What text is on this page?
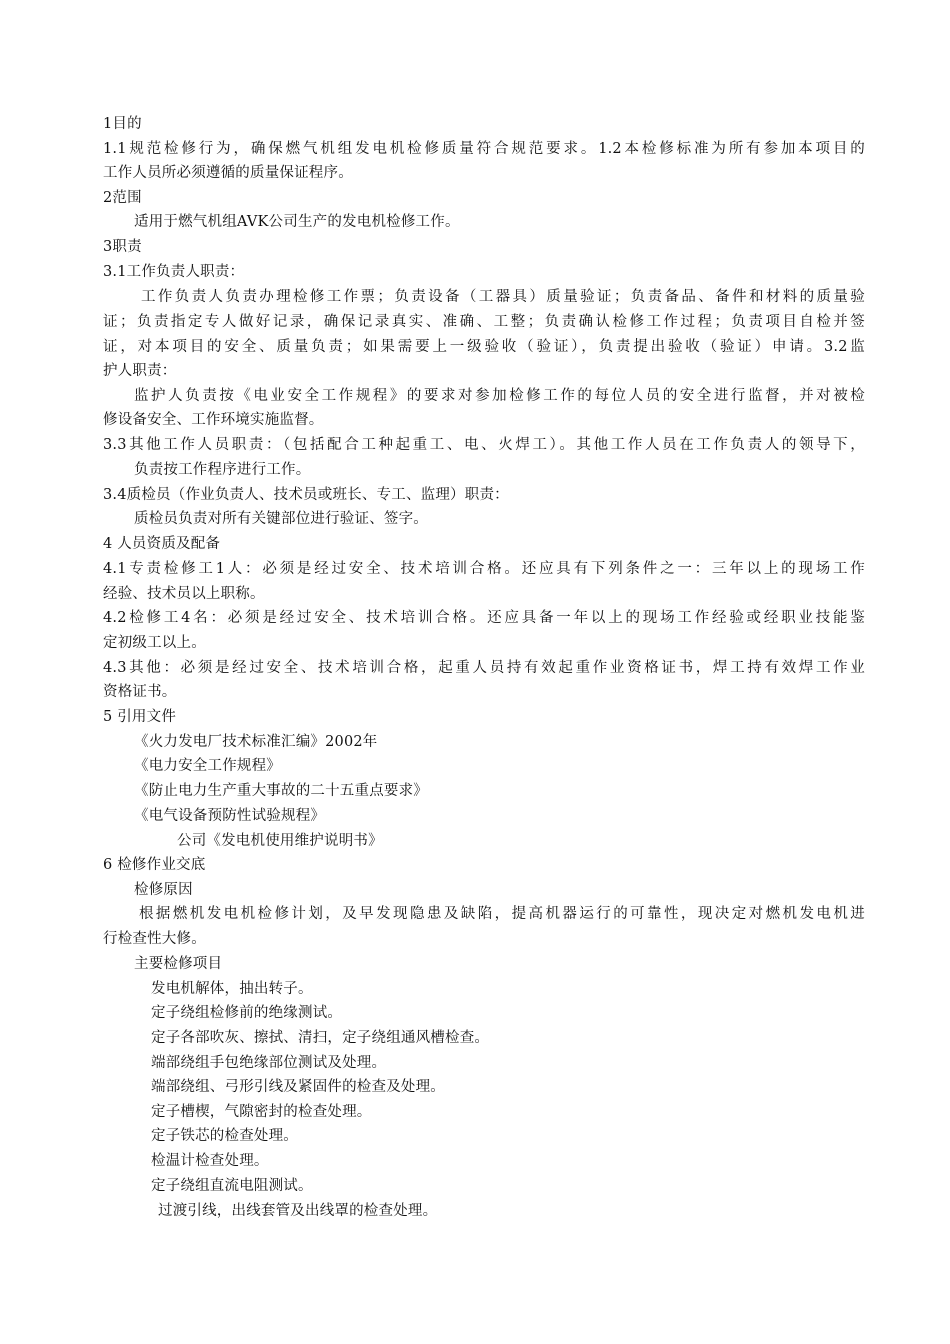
1目的
1.1规范检修行为，确保燃气机组发电机检修质量符合规范要求。1.2本检修标准为所有参加本项目的
工作人员所必须遵循的质量保证程序。
2范围
适用于燃气机组AVK公司生产的发电机检修工作。
3职责
3.1工作负责人职责：
工作负责人负责办理检修工作票；负责设备（工器具）质量验证；负责备品、备件和材料的质量验
证；负责指定专人做好记录，确保记录真实、准确、工整；负责确认检修工作过程；负责项目自检并签
证，对本项目的安全、质量负责；如果需要上一级验收（验证），负责提出验收（验证）申请。3.2监
护人职责：
监护人负责按《电业安全工作规程》的要求对参加检修工作的每位人员的安全进行监督，并对被检
修设备安全、工作环境实施监督。
3.3其他工作人员职责：（包括配合工种起重工、电、火焊工）。其他工作人员在工作负责人的领导下，
负责按工作程序进行工作。
3.4质检员（作业负责人、技术员或班长、专工、监理）职责：
质检员负责对所有关键部位进行验证、签字。
4 人员资质及配备
4.1专责检修工1人：必须是经过安全、技术培训合格。还应具有下列条件之一：三年以上的现场工作
经验、技术员以上职称。
4.2检修工4名：必须是经过安全、技术培训合格。还应具备一年以上的现场工作经验或经职业技能鉴
定初级工以上。
4.3其他：必须是经过安全、技术培训合格，起重人员持有效起重作业资格证书，焊工持有效焊工作业
资格证书。
5 引用文件
《火力发电厂技术标准汇编》2002年
《电力安全工作规程》
《防止电力生产重大事故的二十五重点要求》
《电气设备预防性试验规程》
公司《发电机使用维护说明书》
6 检修作业交底
检修原因
根据燃机发电机检修计划，及早发现隐患及缺陷，提高机器运行的可靠性，现决定对燃机发电机进
行检查性大修。
主要检修项目
发电机解体，抽出转子。
定子绕组检修前的绝缘测试。
定子各部吹灰、擦拭、清扫，定子绕组通风槽检查。
端部绕组手包绝缘部位测试及处理。
端部绕组、弓形引线及紧固件的检查及处理。
定子槽楔，气隙密封的检查处理。
定子铁芯的检查处理。
检温计检查处理。
定子绕组直流电阻测试。
过渡引线，出线套管及出线罩的检查处理。
